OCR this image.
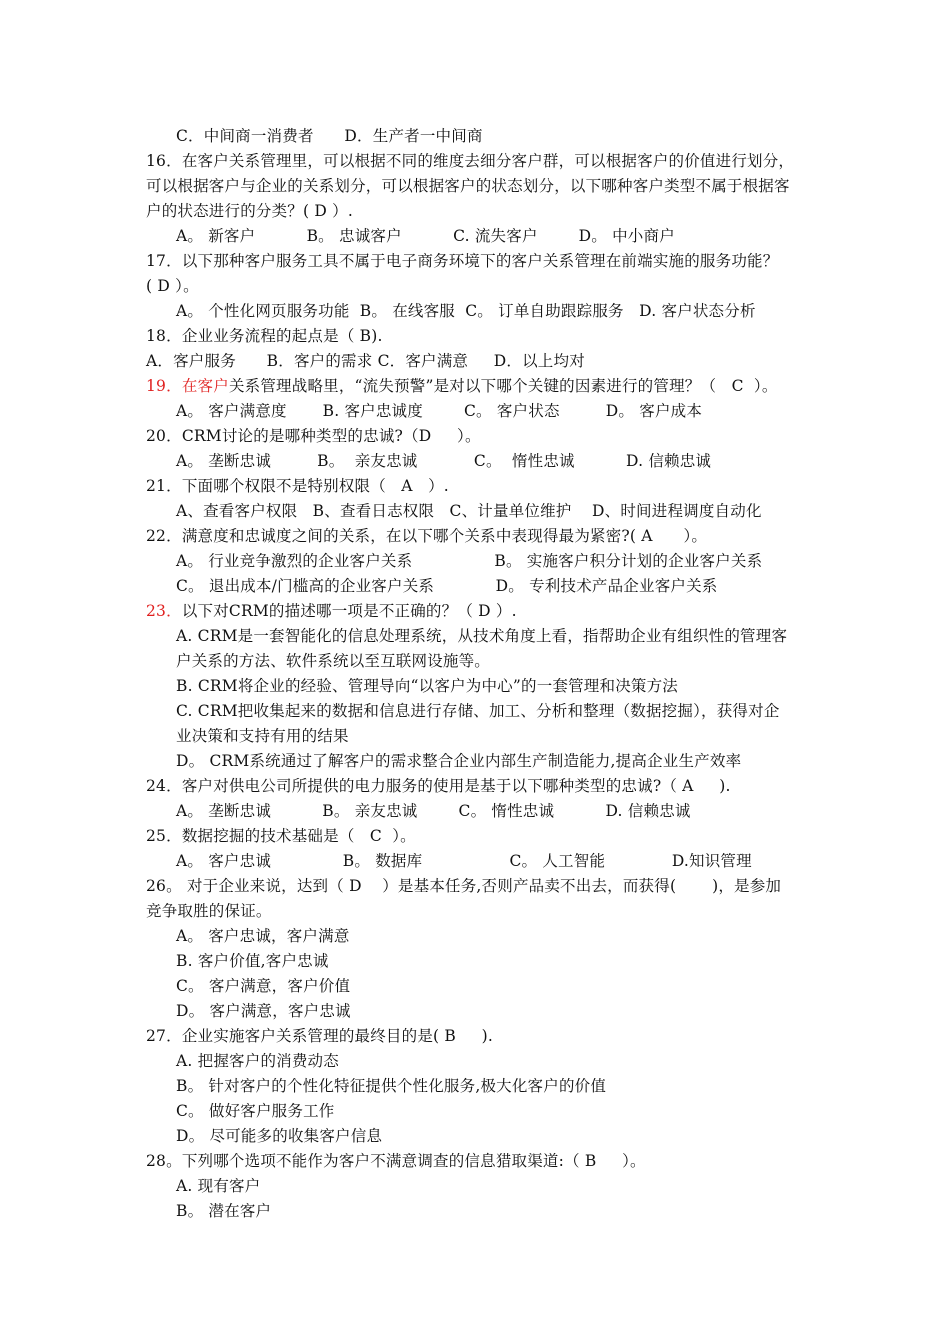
C．中间商一消费者      D．生产者一中间商
16．在客户关系管理里，可以根据不同的维度去细分客户群，可以根据客户的价值进行划分，
可以根据客户与企业的关系划分，可以根据客户的状态划分，以下哪种客户类型不属于根据客
户的状态进行的分类？( D ）.
A。 新客户          B。 忠诚客户          C. 流失客户        D。 中小商户
17．以下那种客户服务工具不属于电子商务环境下的客户关系管理在前端实施的服务功能？
( D ）。
A。 个性化网页服务功能  B。 在线客服  C。 订单自助跟踪服务   D. 客户状态分析
18．企业业务流程的起点是（ B).
A．客户服务      B．客户的需求 C．客户满意     D．以上均对
19．在客户关系管理战略里，“流失预警”是对以下哪个关键的因素进行的管理？（   C  ）。
A。 客户满意度       B. 客户忠诚度        C。 客户状态         D。 客户成本
20．CRM讨论的是哪种类型的忠诚?（D     ）。
A。 垄断忠诚         B。  亲友忠诚           C。  惰性忠诚          D. 信赖忠诚
21．下面哪个权限不是特别权限（   A   ）.
A、查看客户权限   B、查看日志权限   C、计量单位维护    D、时间进程调度自动化
22．满意度和忠诚度之间的关系，在以下哪个关系中表现得最为紧密?( A      ）。
A。 行业竞争激烈的企业客户关系                B。 实施客户积分计划的企业客户关系
C。 退出成本/门槛高的企业客户关系            D。 专利技术产品企业客户关系
23．以下对CRM的描述哪一项是不正确的？（ D ）.
A. CRM是一套智能化的信息处理系统，从技术角度上看，指帮助企业有组织性的管理客
户关系的方法、软件系统以至互联网设施等。
B. CRM将企业的经验、管理导向“以客户为中心”的一套管理和决策方法
C. CRM把收集起来的数据和信息进行存储、加工、分析和整理（数据挖掘），获得对企
业决策和支持有用的结果
D。 CRM系统通过了解客户的需求整合企业内部生产制造能力,提高企业生产效率
24．客户对供电公司所提供的电力服务的使用是基于以下哪种类型的忠诚?（ A     ).
A。 垄断忠诚          B。 亲友忠诚        C。 惰性忠诚          D. 信赖忠诚
25．数据挖掘的技术基础是（   C  ）。
A。 客户忠诚              B。 数据库                 C。 人工智能             D.知识管理
26。 对于企业来说，达到（ D    ）是基本任务,否则产品卖不出去，而获得(       )，是参加
竞争取胜的保证。
A。 客户忠诚，客户满意
B. 客户价值,客户忠诚
C。 客户满意，客户价值
D。 客户满意，客户忠诚
27．企业实施客户关系管理的最终目的是( B     ).
A. 把握客户的消费动态
B。 针对客户的个性化特征提供个性化服务,极大化客户的价值
C。 做好客户服务工作
D。 尽可能多的收集客户信息
28。下列哪个选项不能作为客户不满意调查的信息猎取渠道:（ B     ）。
A. 现有客户
B。 潜在客户
